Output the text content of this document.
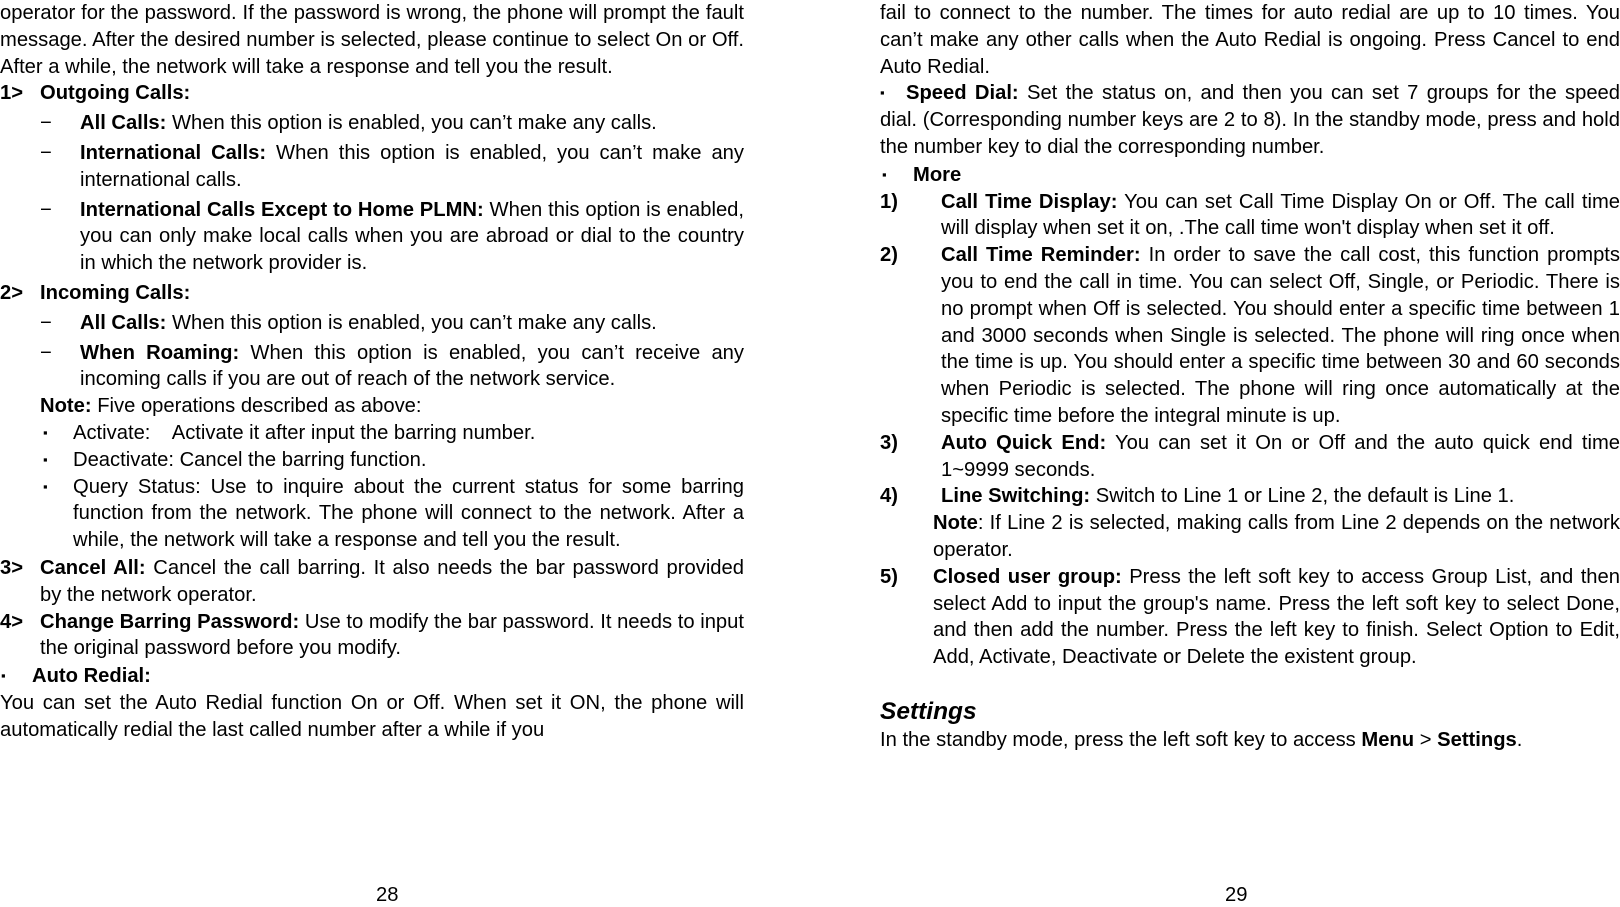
operator for the password. If the password is wrong, the phone will prompt the fault message. After the desired number is selected, please continue to select On or Off. After a while, the network will take a response and tell you the result.

1> Outgoing Calls:
− All Calls: When this option is enabled, you can’t make any calls.
− International Calls: When this option is enabled, you can’t make any international calls.
− International Calls Except to Home PLMN: When this option is enabled, you can only make local calls when you are abroad or dial to the country in which the network provider is.
2> Incoming Calls:
− All Calls: When this option is enabled, you can’t make any calls.
− When Roaming: When this option is enabled, you can’t receive any incoming calls if you are out of reach of the network service.
Note: Five operations described as above:
▪ Activate:    Activate it after input the barring number.
▪ Deactivate: Cancel the barring function.
▪ Query Status: Use to inquire about the current status for some barring function from the network. The phone will connect to the network. After a while, the network will take a response and tell you the result.
3> Cancel All: Cancel the call barring. It also needs the bar password provided by the network operator.
4> Change Barring Password: Use to modify the bar password. It needs to input the original password before you modify.
▪ Auto Redial:

You can set the Auto Redial function On or Off. When set it ON, the phone will automatically redial the last called number after a while if you

28

fail to connect to the number. The times for auto redial are up to 10 times. You can’t make any other calls when the Auto Redial is ongoing. Press Cancel to end Auto Redial.

▪ Speed Dial: Set the status on, and then you can set 7 groups for the speed dial. (Corresponding number keys are 2 to 8). In the standby mode, press and hold the number key to dial the corresponding number.
▪ More
1) Call Time Display: You can set Call Time Display On or Off. The call time will display when set it on, .The call time won't display when set it off.
2) Call Time Reminder: In order to save the call cost, this function prompts you to end the call in time. You can select Off, Single, or Periodic. There is no prompt when Off is selected. You should enter a specific time between 1 and 3000 seconds when Single is selected. The phone will ring once when the time is up. You should enter a specific time between 30 and 60 seconds when Periodic is selected. The phone will ring once automatically at the specific time before the integral minute is up.
3) Auto Quick End: You can set it On or Off and the auto quick end time 1~9999 seconds.
4) Line Switching: Switch to Line 1 or Line 2, the default is Line 1.
Note: If Line 2 is selected, making calls from Line 2 depends on the network operator.
5) Closed user group: Press the left soft key to access Group List, and then select Add to input the group's name. Press the left soft key to select Done, and then add the number. Press the left key to finish. Select Option to Edit, Add, Activate, Deactivate or Delete the existent group.
Settings

In the standby mode, press the left soft key to access Menu > Settings.

29
